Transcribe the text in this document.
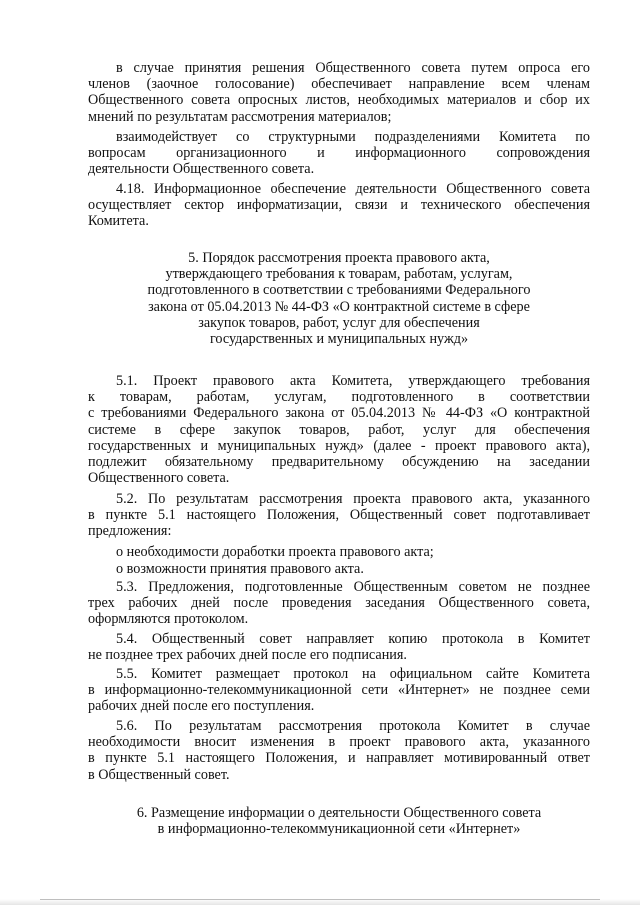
в случае принятия решения Общественного совета путем опроса его
членов (заочное голосование) обеспечивает направление всем членам
Общественного совета опросных листов, необходимых материалов и сбор их
мнений по результатам рассмотрения материалов;
взаимодействует со структурными подразделениями Комитета по
вопросам организационного и информационного сопровождения
деятельности Общественного совета.
4.18. Информационное обеспечение деятельности Общественного совета
осуществляет сектор информатизации, связи и технического обеспечения
Комитета.
5. Порядок рассмотрения проекта правового акта,
утверждающего требования к товарам, работам, услугам,
подготовленного в соответствии с требованиями Федерального
закона от 05.04.2013 № 44-ФЗ «О контрактной системе в сфере
закупок товаров, работ, услуг для обеспечения
государственных и муниципальных нужд»
5.1. Проект правового акта Комитета, утверждающего требования
к товарам, работам, услугам, подготовленного в соответствии
с требованиями Федерального закона от 05.04.2013 № 44-ФЗ «О контрактной
системе в сфере закупок товаров, работ, услуг для обеспечения
государственных и муниципальных нужд» (далее - проект правового акта),
подлежит обязательному предварительному обсуждению на заседании
Общественного совета.
5.2. По результатам рассмотрения проекта правового акта, указанного
в пункте 5.1 настоящего Положения, Общественный совет подготавливает
предложения:
о необходимости доработки проекта правового акта;
о возможности принятия правового акта.
5.3. Предложения, подготовленные Общественным советом не позднее
трех рабочих дней после проведения заседания Общественного совета,
оформляются протоколом.
5.4. Общественный совет направляет копию протокола в Комитет
не позднее трех рабочих дней после его подписания.
5.5. Комитет размещает протокол на официальном сайте Комитета
в информационно-телекоммуникационной сети «Интернет» не позднее семи
рабочих дней после его поступления.
5.6. По результатам рассмотрения протокола Комитет в случае
необходимости вносит изменения в проект правового акта, указанного
в пункте 5.1 настоящего Положения, и направляет мотивированный ответ
в Общественный совет.
6. Размещение информации о деятельности Общественного совета
в информационно-телекоммуникационной сети «Интернет»
